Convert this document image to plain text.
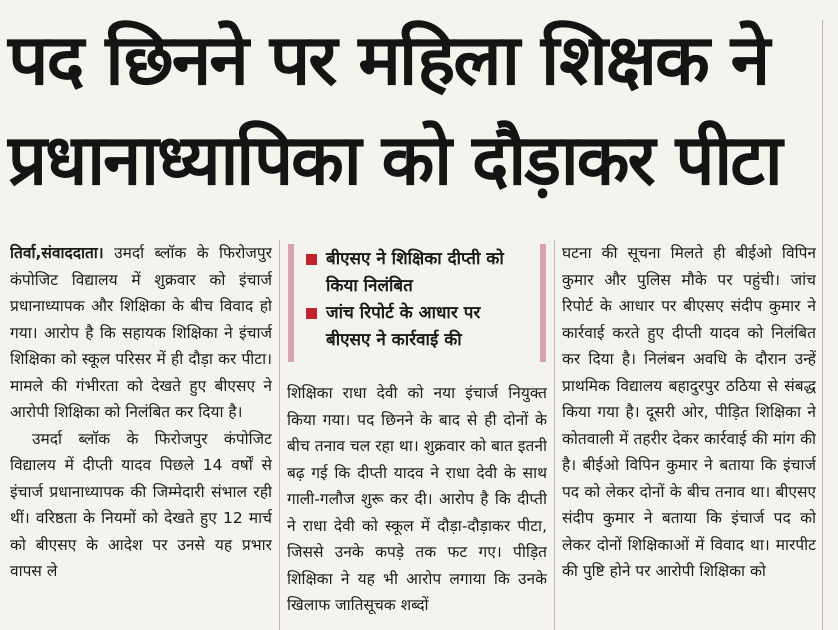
पद छिनने पर महिला शिक्षक ने
प्रधानाध्यापिका को दौड़ाकर पीटा

तिर्वा,संवाददाता। उमर्दा ब्लॉक के फिरोजपुर कंपोजिट विद्यालय में शुक्रवार को इंचार्ज प्रधानाध्यापक और शिक्षिका के बीच विवाद हो गया। आरोप है कि सहायक शिक्षिका ने इंचार्ज शिक्षिका को स्कूल परिसर में ही दौड़ा कर पीटा। मामले की गंभीरता को देखते हुए बीएसए ने आरोपी शिक्षिका को निलंबित कर दिया है।

उमर्दा ब्लॉक के फिरोजपुर कंपोजिट विद्यालय में दीप्ती यादव पिछले 14 वर्षों से इंचार्ज प्रधानाध्यापक की जिम्मेदारी संभाल रही थीं। वरिष्ठता के नियमों को देखते हुए 12 मार्च को बीएसए के आदेश पर उनसे यह प्रभार वापस ले

शिक्षिका राधा देवी को नया इंचार्ज नियुक्त किया गया। पद छिनने के बाद से ही दोनों के बीच तनाव चल रहा था। शुक्रवार को बात इतनी बढ़ गई कि दीप्ती यादव ने राधा देवी के साथ गाली-गलौज शुरू कर दी। आरोप है कि दीप्ती ने राधा देवी को स्कूल में दौड़ा-दौड़ाकर पीटा, जिससे उनके कपड़े तक फट गए। पीड़ित शिक्षिका ने यह भी आरोप लगाया कि उनके खिलाफ जातिसूचक शब्दों

बीएसए ने शिक्षिका दीप्ती को किया निलंबित
जांच रिपोर्ट के आधार पर बीएसए ने कार्रवाई की

घटना की सूचना मिलते ही बीईओ विपिन कुमार और पुलिस मौके पर पहुंची। जांच रिपोर्ट के आधार पर बीएसए संदीप कुमार ने कार्रवाई करते हुए दीप्ती यादव को निलंबित कर दिया है। निलंबन अवधि के दौरान उन्हें प्राथमिक विद्यालय बहादुरपुर ठठिया से संबद्ध किया गया है। दूसरी ओर, पीड़ित शिक्षिका ने कोतवाली में तहरीर देकर कार्रवाई की मांग की है। बीईओ विपिन कुमार ने बताया कि इंचार्ज पद को लेकर दोनों के बीच तनाव था। बीएसए संदीप कुमार ने बताया कि इंचार्ज पद को लेकर दोनों शिक्षिकाओं में विवाद था। मारपीट की पुष्टि होने पर आरोपी शिक्षिका को
